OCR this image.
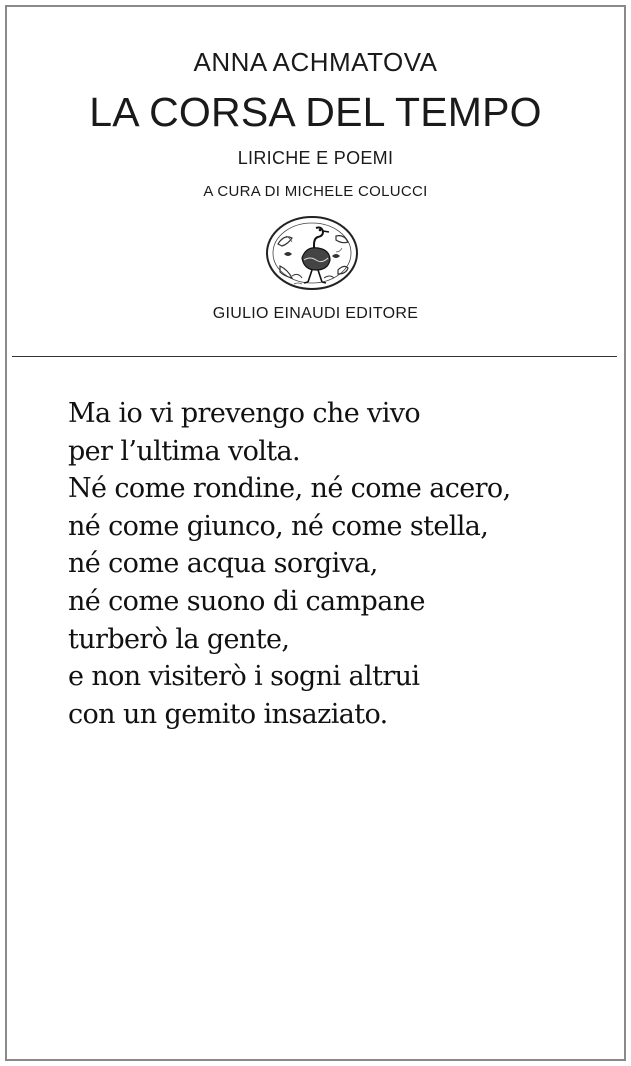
ANNA ACHMATOVA
LA CORSA DEL TEMPO
LIRICHE E POEMI
A CURA DI MICHELE COLUCCI
GIULIO EINAUDI EDITORE
Ma io vi prevengo che vivo
per l’ultima volta.
Né come rondine, né come acero,
né come giunco, né come stella,
né come acqua sorgiva,
né come suono di campane
turberò la gente,
e non visiterò i sogni altrui
con un gemito insaziato.
